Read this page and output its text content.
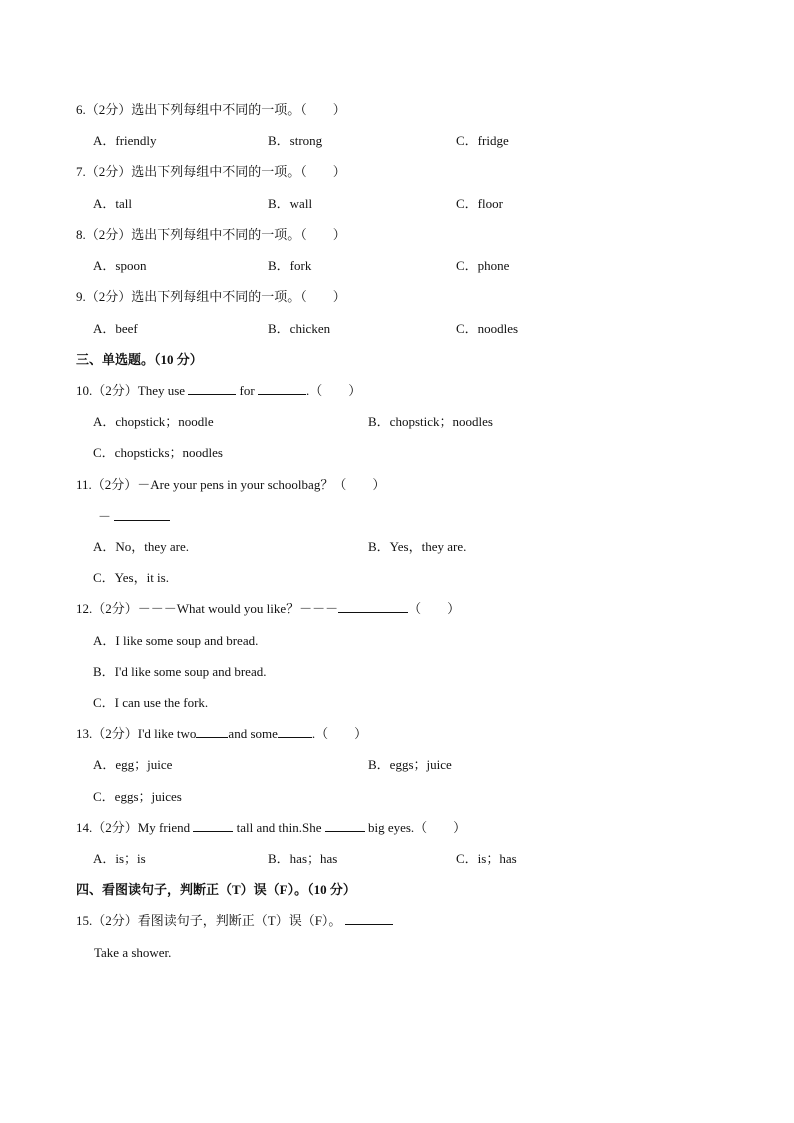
6.（2分）选出下列每组中不同的一项。（　　）
A．friendly	B．strong	C．fridge
7.（2分）选出下列每组中不同的一项。（　　）
A．tall	B．wall	C．floor
8.（2分）选出下列每组中不同的一项。（　　）
A．spoon	B．fork	C．phone
9.（2分）选出下列每组中不同的一项。（　　）
A．beef	B．chicken	C．noodles
三、单选题。（10 分）
10.（2分）They use	for	.（　　）
A．chopstick；noodle	B．chopstick；noodles
C．chopsticks；noodles
11.（2分）－Are your pens in your schoolbag？（　　）
－
A．No，they are.	B．Yes，they are.
C．Yes，it is.
12.（2分）－－－What would you like？－－－	（　　）
A．I like some soup and bread.
B．I'd like some soup and bread.
C．I can use the fork.
13.（2分）I'd like two and some	.（　　）
A．egg；juice	B．eggs；juice
C．eggs；juices
14.（2分）My friend	tall and thin.She	big eyes.（　　）
A．is；is	B．has；has	C．is；has
四、看图读句子，判断正（T）误（F）。（10 分）
15.（2分）看图读句子，判断正（T）误（F）。
Take a shower.
